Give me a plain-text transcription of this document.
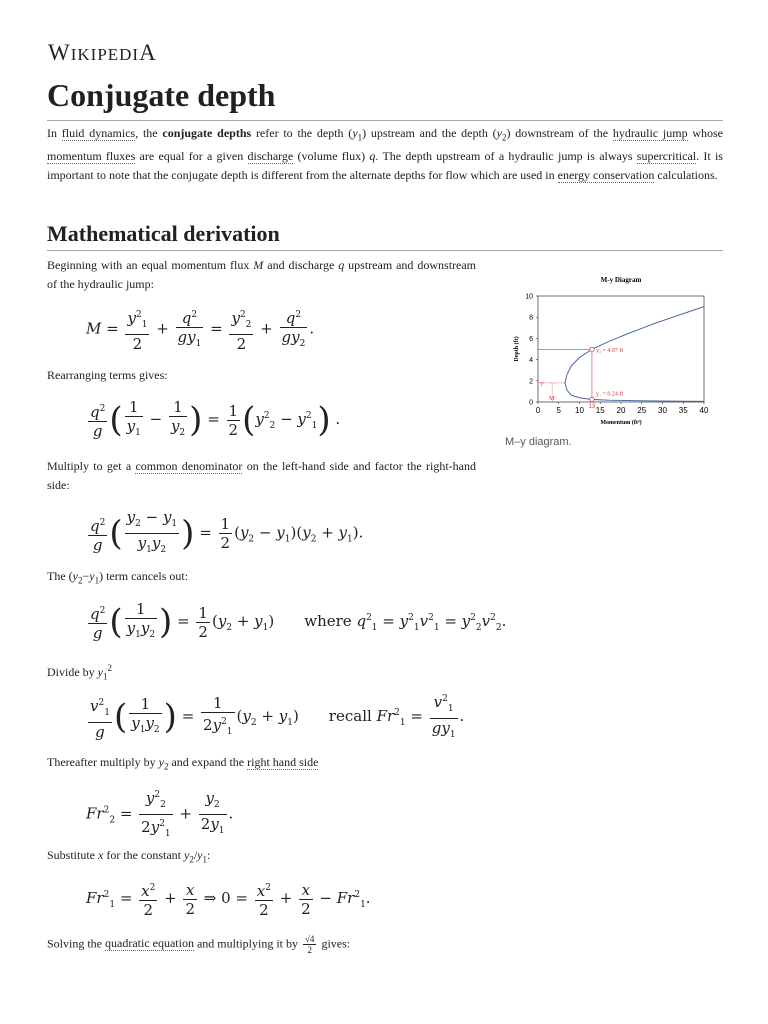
WIKIPEDIA
Conjugate depth
In fluid dynamics, the conjugate depths refer to the depth $(y_1)$ upstream and the depth $(y_2)$ downstream of the hydraulic jump whose momentum fluxes are equal for a given discharge (volume flux) q. The depth upstream of a hydraulic jump is always supercritical. It is important to note that the conjugate depth is different from the alternate depths for flow which are used in energy conservation calculations.
Mathematical derivation
Beginning with an equal momentum flux M and discharge q upstream and downstream of the hydraulic jump:
$M = \frac{y^2_1}{2} + \frac{q^2}{gy_1} = \frac{y^2_2}{2} + \frac{q^2}{gy_2}$ .
Rearranging terms gives:
$\frac{q^2}{g}$ ( $\frac{1}{y_1} - \frac{1}{y_2}$ ) = $\frac{1}{2} (y^2_2 - y^2_1)$ .
Multiply to get a common denominator on the left-hand side and factor the right-hand side:
$\frac{q^2}{g}$ ( $\frac{y_2 - y_1}{y_1y_2}$ ) = $\frac{1}{2} (y_2 - y_1)(y_2 + y_1)$.
The $(y_2-y_1)$ term cancels out:
$\frac{q^2}{g}$ ( $\frac{1}{y_1y_2}$ ) = $\frac{1}{2} (y_2 + y_1)$ where $q^2_1 = y^2_1v^2_1 = y^2_2v^2_2$.
Divide by $y_1^2$
$\frac{v^2_1}{g}$ ( $\frac{1}{y_1y_2}$ ) = $\frac{1}{2y^2_1} (y_2 + y_1)$ recall $Fr^2_1 = \frac{v^2_1}{gy_1}$ .
Thereafter multiply by $y_2$ and expand the right hand side
$Fr^2_2 = \frac{y^2_2}{2y^2_1} + \frac{y_2}{2y_1}$ .
Substitute x for the constant $y_2/y_1$:
$Fr^2_1 = \frac{x^2}{2} + \frac{x}{2}$ ⇒ $0 = \frac{x^2}{2} + \frac{x}{2} - Fr^2_1$.
Solving the quadratic equation and multiplying it by $\frac{√4}{2}$ gives:
M-y Diagram
0 5 10 15 20 25 30 35 40
0
2
4
6
8
10
Momentum (ft³)
Depth (ft)	y₂ = 4.97 ft
y₁ = 0.24 ft
yᶜ
Mᶜ
13
M–y diagram.
